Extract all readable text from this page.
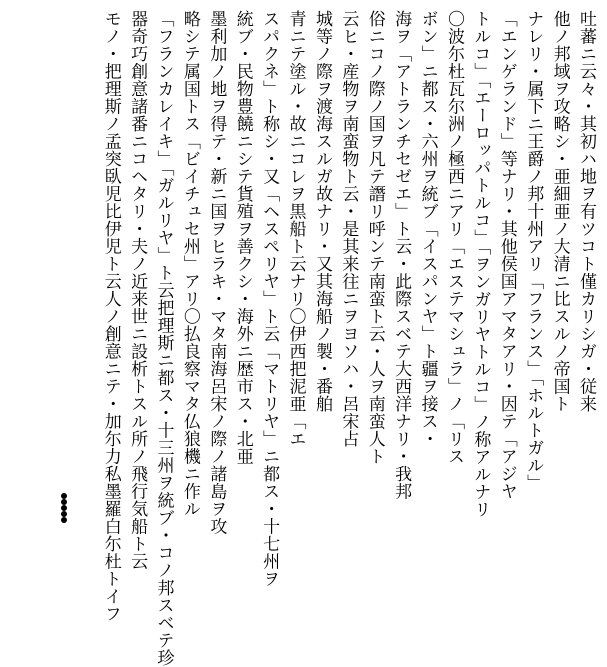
吐蕃ニ云々・其初ハ地ヲ有ツコト僅カリシガ・従来
他ノ邦域ヲ攻略シ・亜細亜ノ大清ニ比スルノ帝国ト
ナレリ・属下ニ王爵ノ邦十州アリ「フランス」「ホルトガル」
「エンゲランド」等ナリ・其他侯国アマタアリ・因テ「アジヤ
トルコ」「エーロッパトルコ」「ヲンガリヤトルコ」ノ称アルナリ
〇波尓杜瓦尔洲ノ極西ニアリ「エステマシュラ」ノ「リス
ボン」ニ都ス・六州ヲ統ブ「イスパンヤ」ト疆ヲ接ス・
海ヲ「アトランチセゼエ」ト云・此際スベテ大西洋ナリ・我邦
俗ニコノ際ノ国ヲ凡テ譖リ呼ンテ南蛮ト云・人ヲ南蛮人ト
云ヒ・産物ヲ南蛮物ト云・是其来往ニヲヨソハ・呂宋占
城等ノ際ヲ渡海スルガ故ナリ・又其海船ノ製・番舶
青ニテ塗ル・故ニコレヲ黒船ト云ナリ〇伊西把泥亜「エ
スパクネ」ト称シ・又「ヘスペリヤ」ト云「マトリヤ」ニ都ス・十七州ヲ
統ブ・民物豊饒ニシテ貨殖ヲ善クシ・海外ニ歴市ス・北亜
墨利加ノ地ヲ得テ・新ニ国ヲヒラキ・マタ南海呂宋ノ際ノ諸島ヲ攻
略シテ属国トス「ビイチュセ州」アリ〇払良察マタ仏狼機ニ作ル
「フランカレイキ」「ガルリヤ」ト云把理斯ニ都ス・十三州ヲ統ブ・コノ邦スベテ珍
器奇巧創意諸番ニコヘタリ・夫ノ近来世ニ設析トスル所ノ飛行気船ト云
モノ・把理斯ノ孟突臥児比伊児ト云人ノ創意ニテ・加尓力私墨羅白尓杜トイフ
